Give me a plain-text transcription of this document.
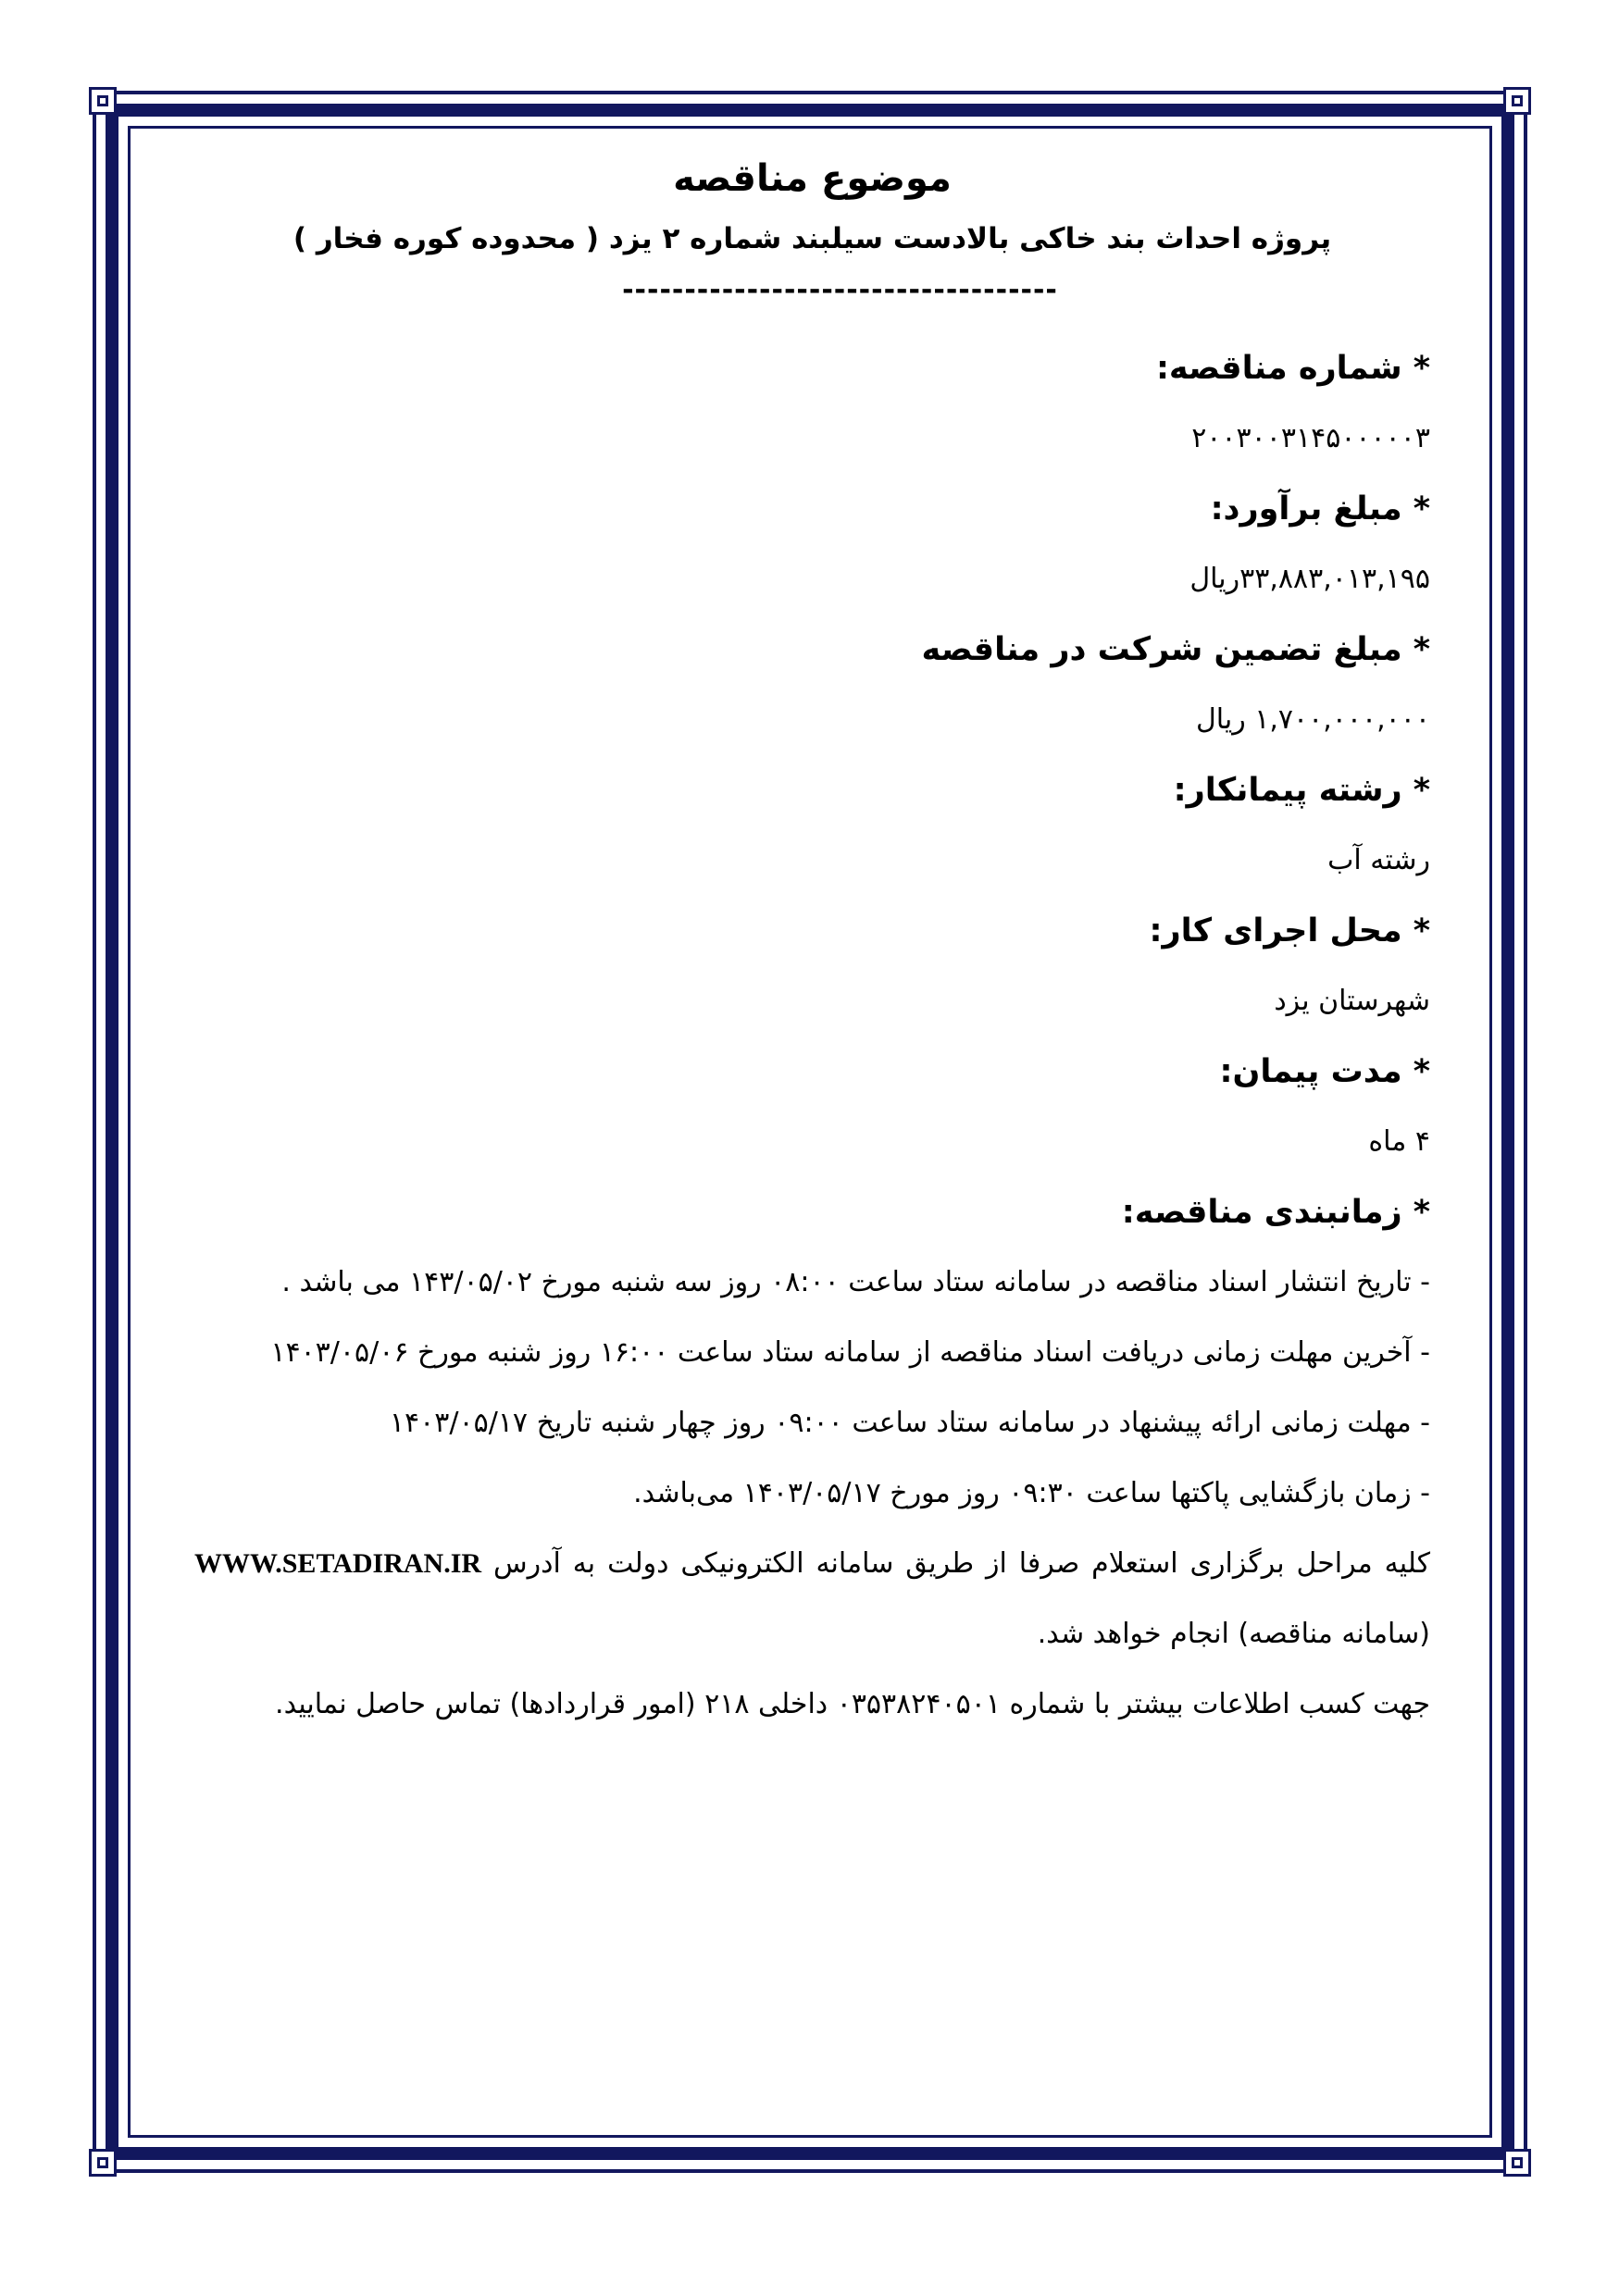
موضوع مناقصه

پروژه احداث بند خاکی بالادست سیلبند شماره ۲ یزد ( محدوده کوره فخار )

-----------------------------------

*شماره مناقصه:

۲۰۰۳۰۰۳۱۴۵۰۰۰۰۰۳

*مبلغ برآورد:

۳۳,۸۸۳,۰۱۳,۱۹۵ریال

*مبلغ تضمین شرکت در مناقصه

۱,۷۰۰,۰۰۰,۰۰۰ ریال

*رشته پیمانکار:

رشته آب

*محل اجرای کار:

شهرستان یزد

*مدت پیمان:

۴ ماه

*زمانبندی مناقصه:

- تاریخ انتشار اسناد مناقصه در سامانه ستاد ساعت ۰۸:۰۰ روز سه شنبه مورخ ۱۴۳/۰۵/۰۲ می باشد .

- آخرین مهلت زمانی دریافت اسناد مناقصه از سامانه ستاد ساعت ۱۶:۰۰ روز شنبه مورخ ۱۴۰۳/۰۵/۰۶

- مهلت زمانی ارائه پیشنهاد در سامانه ستاد ساعت ۰۹:۰۰ روز چهار شنبه تاریخ ۱۴۰۳/۰۵/۱۷

- زمان بازگشایی پاکتها ساعت ۰۹:۳۰ روز مورخ ۱۴۰۳/۰۵/۱۷ می‌باشد.

کلیه مراحل برگزاری استعلام صرفا از طریق سامانه الکترونیکی دولت به آدرس WWW.SETADIRAN.IR (سامانه مناقصه) انجام خواهد شد.

جهت کسب اطلاعات بیشتر با شماره ۰۳۵۳۸۲۴۰۵۰۱ داخلی ۲۱۸ (امور قراردادها) تماس حاصل نمایید.
